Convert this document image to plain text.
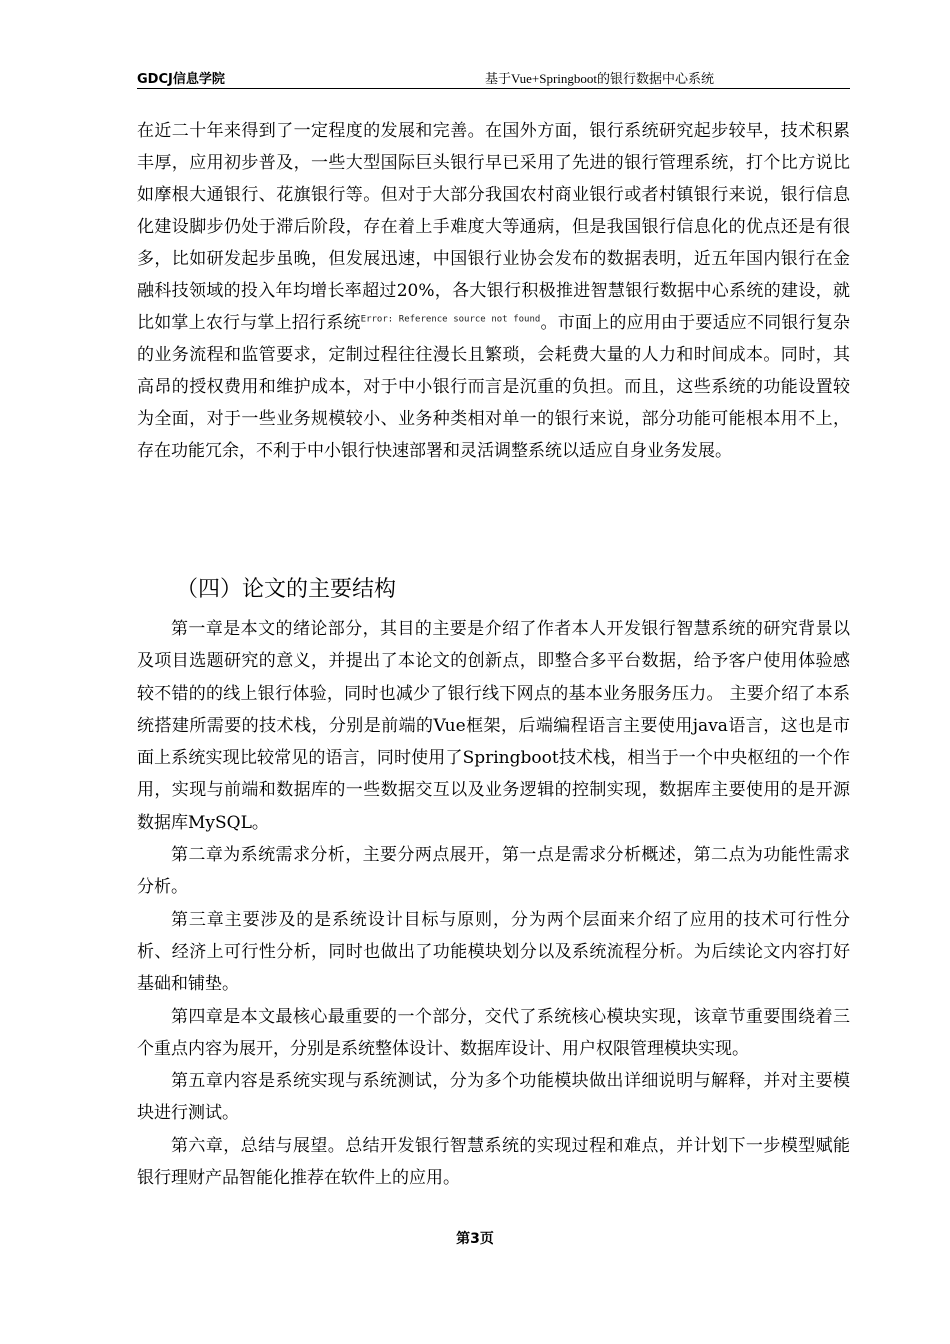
GDCJ信息学院	基于Vue+Springboot的银行数据中心系统
在近二十年来得到了一定程度的发展和完善。在国外方面，银行系统研究起步较早，技术积累丰厚，应用初步普及，一些大型国际巨头银行早已采用了先进的银行管理系统，打个比方说比如摩根大通银行、花旗银行等。但对于大部分我国农村商业银行或者村镇银行来说，银行信息化建设脚步仍处于滞后阶段，存在着上手难度大等通病，但是我国银行信息化的优点还是有很多，比如研发起步虽晚，但发展迅速，中国银行业协会发布的数据表明，近五年国内银行在金融科技领域的投入年均增长率超过20%，各大银行积极推进智慧银行数据中心系统的建设，就比如掌上农行与掌上招行系统$^{Error: Reference source not found}$。市面上的应用由于要适应不同银行复杂的业务流程和监管要求，定制过程往往漫长且繁琐，会耗费大量的人力和时间成本。同时，其高昂的授权费用和维护成本，对于中小银行而言是沉重的负担。而且，这些系统的功能设置较为全面，对于一些业务规模较小、业务种类相对单一的银行来说，部分功能可能根本用不上，存在功能冗余，不利于中小银行快速部署和灵活调整系统以适应自身业务发展。
（四）论文的主要结构

第一章是本文的绪论部分，其目的主要是介绍了作者本人开发银行智慧系统的研究背景以及项目选题研究的意义，并提出了本论文的创新点，即整合多平台数据，给予客户使用体验感较不错的的线上银行体验，同时也减少了银行线下网点的基本业务服务压力。 主要介绍了本系统搭建所需要的技术栈，分别是前端的Vue框架，后端编程语言主要使用java语言，这也是市面上系统实现比较常见的语言，同时使用了Springboot技术栈，相当于一个中央枢纽的一个作用，实现与前端和数据库的一些数据交互以及业务逻辑的控制实现，数据库主要使用的是开源数据库MySQL。

第二章为系统需求分析，主要分两点展开，第一点是需求分析概述，第二点为功能性需求分析。

第三章主要涉及的是系统设计目标与原则，分为两个层面来介绍了应用的技术可行性分析、经济上可行性分析，同时也做出了功能模块划分以及系统流程分析。为后续论文内容打好基础和铺垫。

第四章是本文最核心最重要的一个部分，交代了系统核心模块实现，该章节重要围绕着三个重点内容为展开，分别是系统整体设计、数据库设计、用户权限管理模块实现。

第五章内容是系统实现与系统测试，分为多个功能模块做出详细说明与解释，并对主要模块进行测试。

第六章，总结与展望。总结开发银行智慧系统的实现过程和难点，并计划下一步模型赋能银行理财产品智能化推荐在软件上的应用。

第3页
